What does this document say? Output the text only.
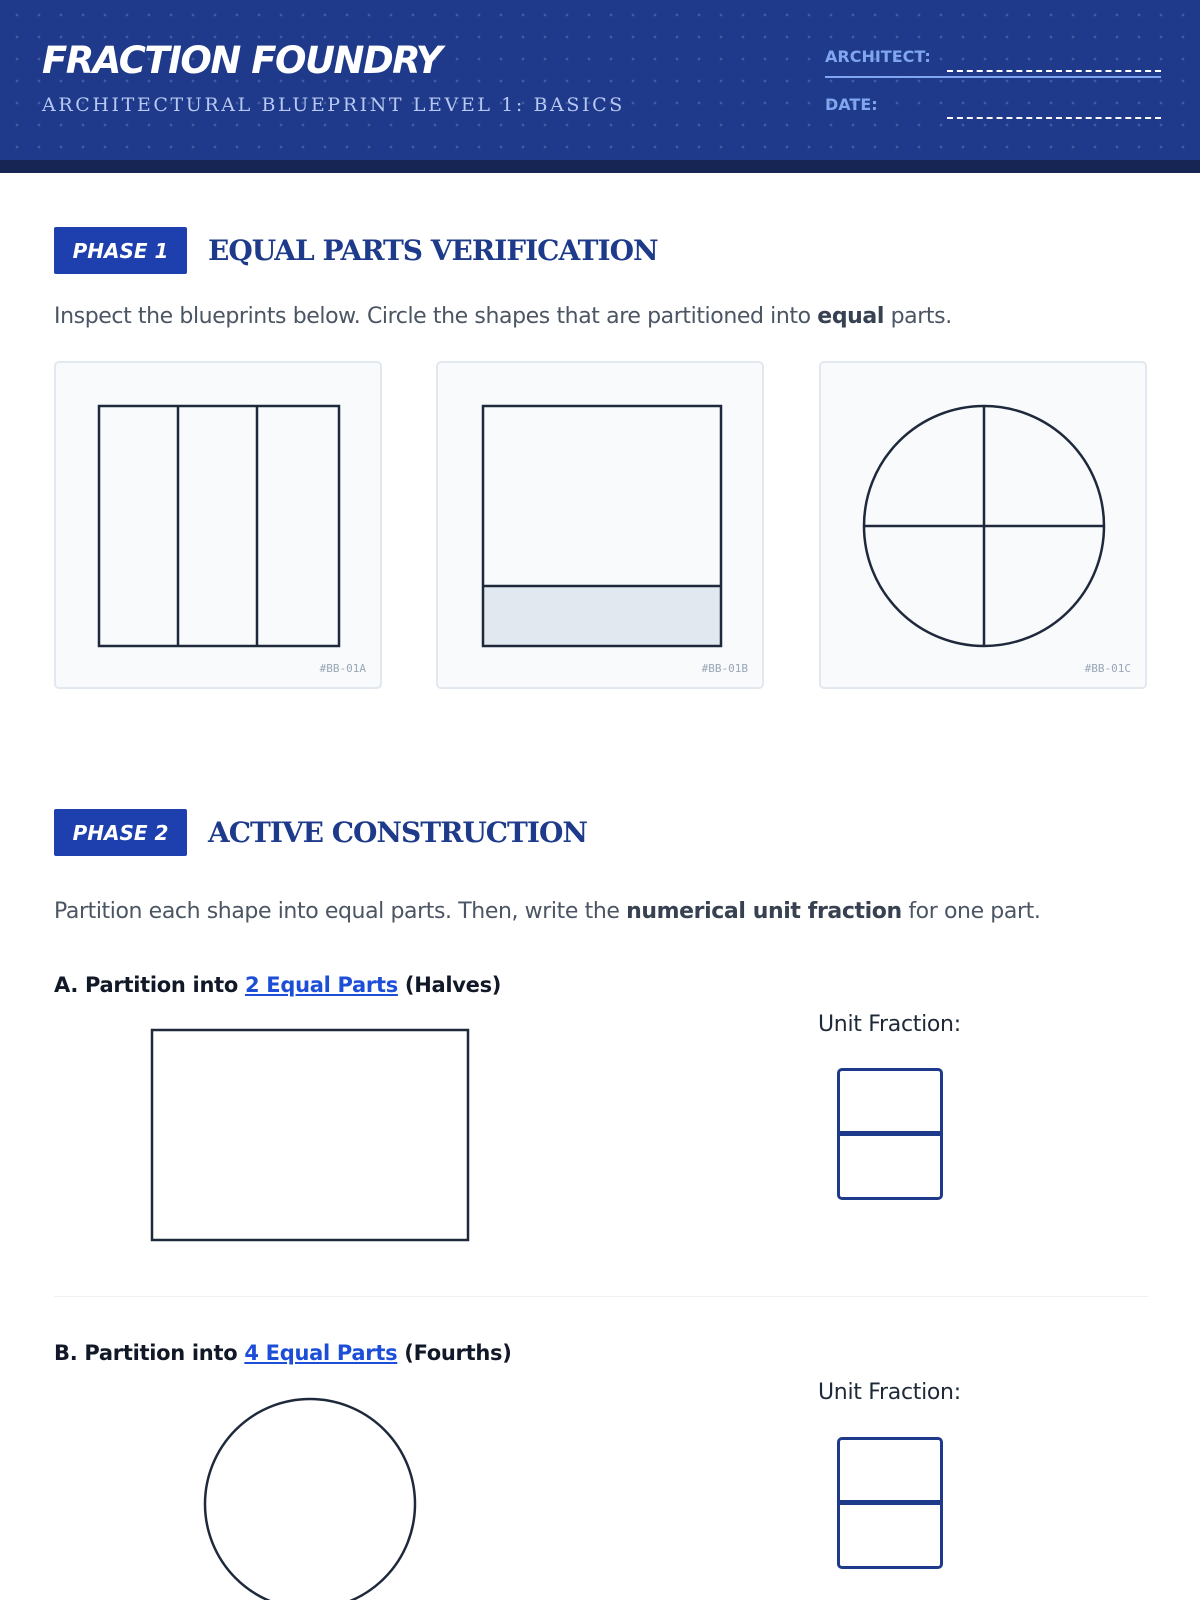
FRACTION FOUNDRY
ARCHITECTURAL BLUEPRINT LEVEL 1: BASICS
ARCHITECT:
DATE:
PHASE 1	EQUAL PARTS VERIFICATION
Inspect the blueprints below. Circle the shapes that are partitioned into equal parts.
#BB-01A	#BB-01B	#BB-01C
PHASE 2	ACTIVE CONSTRUCTION
Partition each shape into equal parts. Then, write the numerical unit fraction for one part.
A. Partition into 2 Equal Parts (Halves)
Unit Fraction:
B. Partition into 4 Equal Parts (Fourths)
Unit Fraction:
